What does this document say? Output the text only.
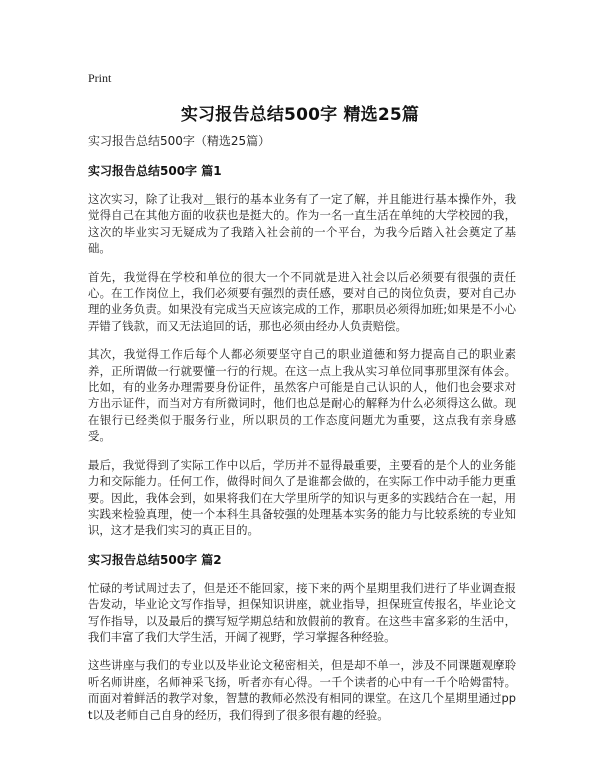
Print
实习报告总结500字 精选25篇
实习报告总结500字（精选25篇）
实习报告总结500字 篇1

这次实习，除了让我对＿银行的基本业务有了一定了解，并且能进行基本操作外，我觉得自己在其他方面的收获也是挺大的。作为一名一直生活在单纯的大学校园的我，这次的毕业实习无疑成为了我踏入社会前的一个平台，为我今后踏入社会奠定了基础。

首先，我觉得在学校和单位的很大一个不同就是进入社会以后必须要有很强的责任心。在工作岗位上，我们必须要有强烈的责任感，要对自己的岗位负责，要对自己办理的业务负责。如果没有完成当天应该完成的工作，那职员必须得加班;如果是不小心弄错了钱款，而又无法追回的话，那也必须由经办人负责赔偿。

其次，我觉得工作后每个人都必须要坚守自己的职业道德和努力提高自己的职业素养，正所谓做一行就要懂一行的行规。在这一点上我从实习单位同事那里深有体会。比如，有的业务办理需要身份证件，虽然客户可能是自己认识的人，他们也会要求对方出示证件，而当对方有所微词时，他们也总是耐心的解释为什么必须得这么做。现在银行已经类似于服务行业，所以职员的工作态度问题尤为重要，这点我有亲身感受。

最后，我觉得到了实际工作中以后，学历并不显得最重要，主要看的是个人的业务能力和交际能力。任何工作，做得时间久了是谁都会做的，在实际工作中动手能力更重要。因此，我体会到，如果将我们在大学里所学的知识与更多的实践结合在一起，用实践来检验真理，使一个本科生具备较强的处理基本实务的能力与比较系统的专业知识，这才是我们实习的真正目的。

实习报告总结500字 篇2

忙碌的考试周过去了，但是还不能回家，接下来的两个星期里我们进行了毕业调查报告发动，毕业论文写作指导，担保知识讲座，就业指导，担保班宣传报名，毕业论文写作指导，以及最后的撰写短学期总结和放假前的教育。在这些丰富多彩的生活中，我们丰富了我们大学生活，开阔了视野，学习掌握各种经验。

这些讲座与我们的专业以及毕业论文秘密相关，但是却不单一，涉及不同课题观摩聆听名师讲座，名师神采飞扬，听者亦有心得。一千个读者的心中有一千个哈姆雷特。而面对着鲜活的教学对象，智慧的教师必然没有相同的课堂。在这几个星期里通过ppt以及老师自己自身的经历，我们得到了很多很有趣的经验。
